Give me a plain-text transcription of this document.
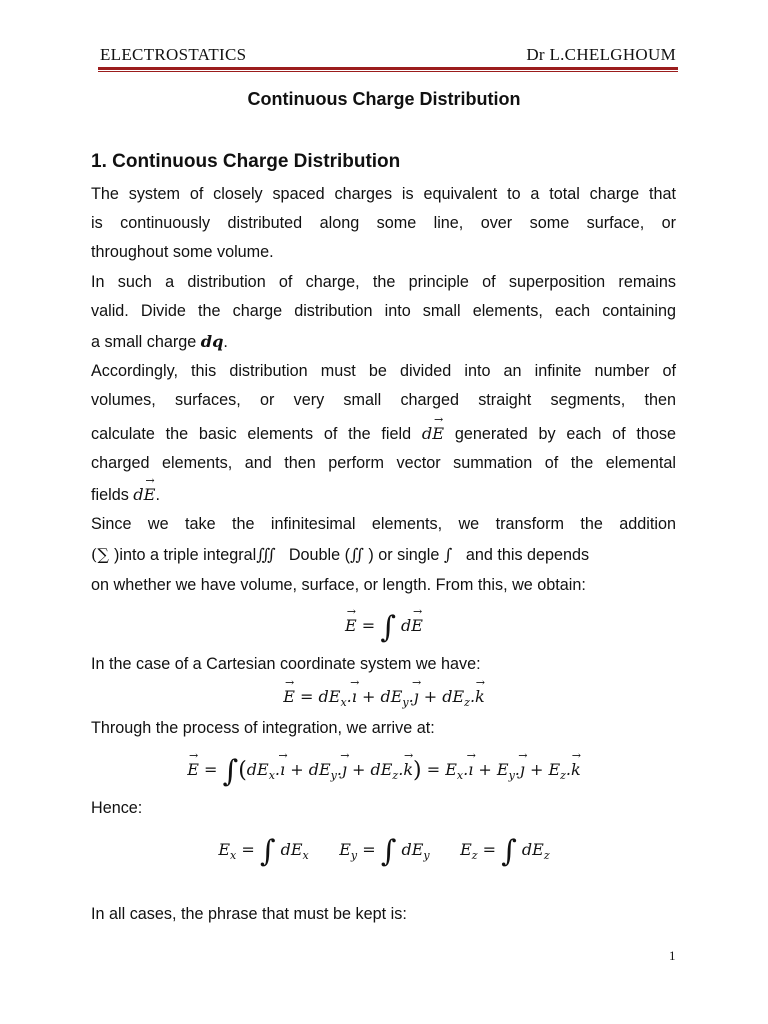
ELECTROSTATICS	Dr L.CHELGHOUM
Continuous Charge Distribution
1. Continuous Charge Distribution
The system of closely spaced charges is equivalent to a total charge that
is continuously distributed along some line, over some surface, or
throughout some volume.
In such a distribution of charge, the principle of superposition remains
valid. Divide the charge distribution into small elements, each containing
a small charge dq.
Accordingly, this distribution must be divided into an infinite number of
volumes, surfaces, or very small charged straight segments, then
calculate the basic elements of the field d→ E generated by each of those
charged elements, and then perform vector summation of the elemental
fields d→ E.
Since we take the infinitesimal elements, we transform the addition
(∑ )into a triple integral∭ Double (∬ ) or single ∫ and this depends
on whether we have volume, surface, or length. From this, we obtain:
→ E = ∫ d→ E
In the case of a Cartesian coordinate system we have:
→ $E = dE_x.\to$ ı + $dE_y.\to$ ȷ + $dE_z.\to k$
Through the process of integration, we arrive at:
→ $E = \int(dE_x.\to$ ı + $dE_y.\to$ ȷ + $dE_z.\to k) = E_x.\to$ ı + $E_y.\to$ ȷ + $E_z.\to k$
Hence:
$E_x$ = ∫ $dE_x$ $E_y$ = ∫ $dE_y$ $E_z$ = ∫ $dE_z$
In all cases, the phrase that must be kept is:
1
